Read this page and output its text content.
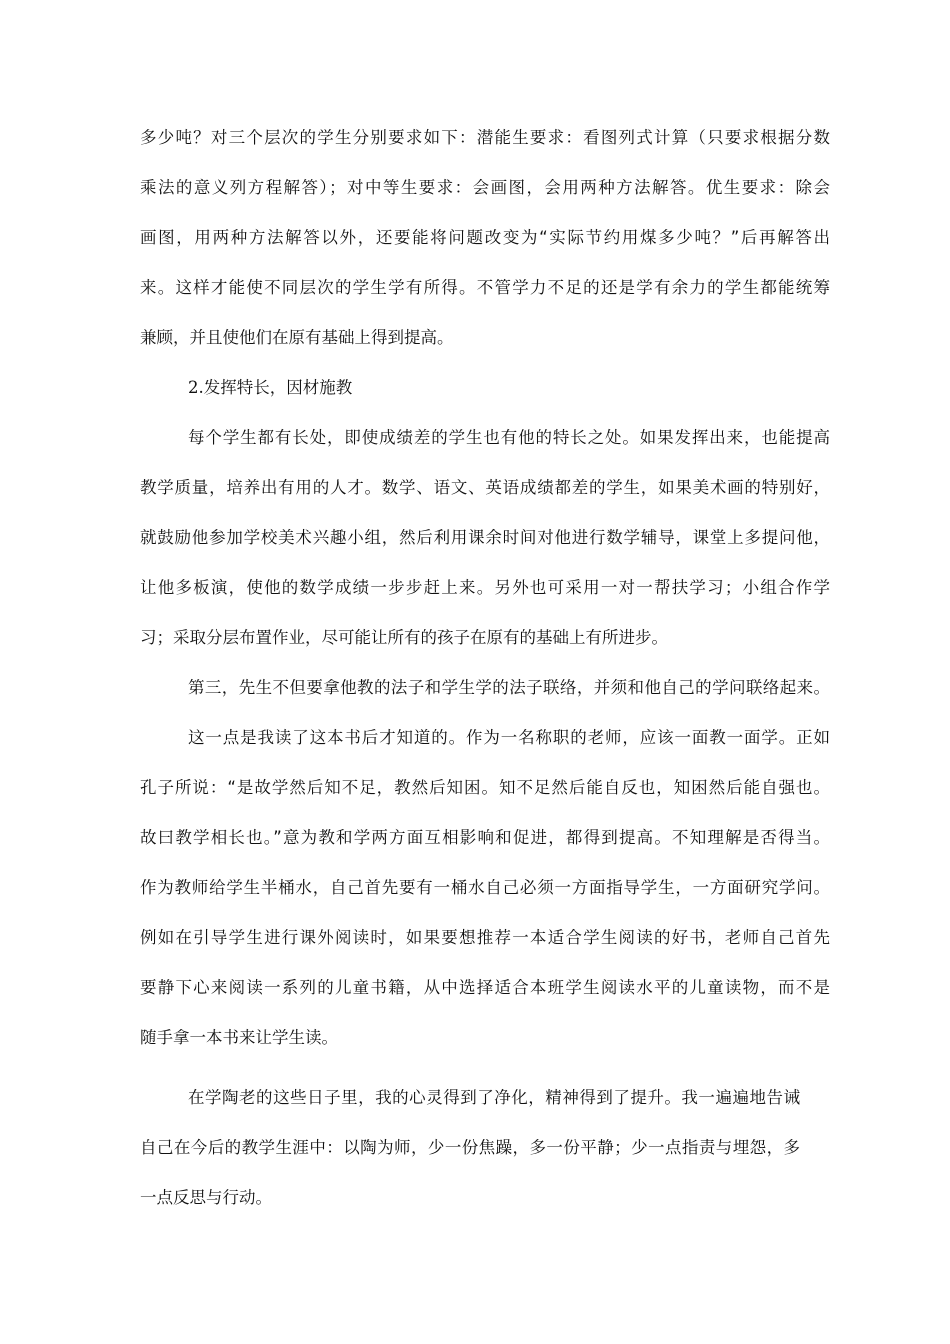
多少吨？对三个层次的学生分别要求如下：潜能生要求：看图列式计算（只要求根据分数
乘法的意义列方程解答）；对中等生要求：会画图，会用两种方法解答。优生要求：除会
画图，用两种方法解答以外，还要能将问题改变为“实际节约用煤多少吨？”后再解答出
来。这样才能使不同层次的学生学有所得。不管学力不足的还是学有余力的学生都能统筹
兼顾，并且使他们在原有基础上得到提高。
2.发挥特长，因材施教
每个学生都有长处，即使成绩差的学生也有他的特长之处。如果发挥出来，也能提高
教学质量，培养出有用的人才。数学、语文、英语成绩都差的学生，如果美术画的特别好，
就鼓励他参加学校美术兴趣小组，然后利用课余时间对他进行数学辅导，课堂上多提问他，
让他多板演，使他的数学成绩一步步赶上来。另外也可采用一对一帮扶学习；小组合作学
习；采取分层布置作业，尽可能让所有的孩子在原有的基础上有所进步。
第三，先生不但要拿他教的法子和学生学的法子联络，并须和他自己的学问联络起来。
这一点是我读了这本书后才知道的。作为一名称职的老师，应该一面教一面学。正如
孔子所说：“是故学然后知不足，教然后知困。知不足然后能自反也，知困然后能自强也。
故曰教学相长也。”意为教和学两方面互相影响和促进，都得到提高。不知理解是否得当。
作为教师给学生半桶水，自己首先要有一桶水自己必须一方面指导学生，一方面研究学问。
例如在引导学生进行课外阅读时，如果要想推荐一本适合学生阅读的好书，老师自己首先
要静下心来阅读一系列的儿童书籍，从中选择适合本班学生阅读水平的儿童读物，而不是
随手拿一本书来让学生读。
在学陶老的这些日子里，我的心灵得到了净化，精神得到了提升。我一遍遍地告诫
自己在今后的教学生涯中：以陶为师，少一份焦躁，多一份平静；少一点指责与埋怨，多
一点反思与行动。
